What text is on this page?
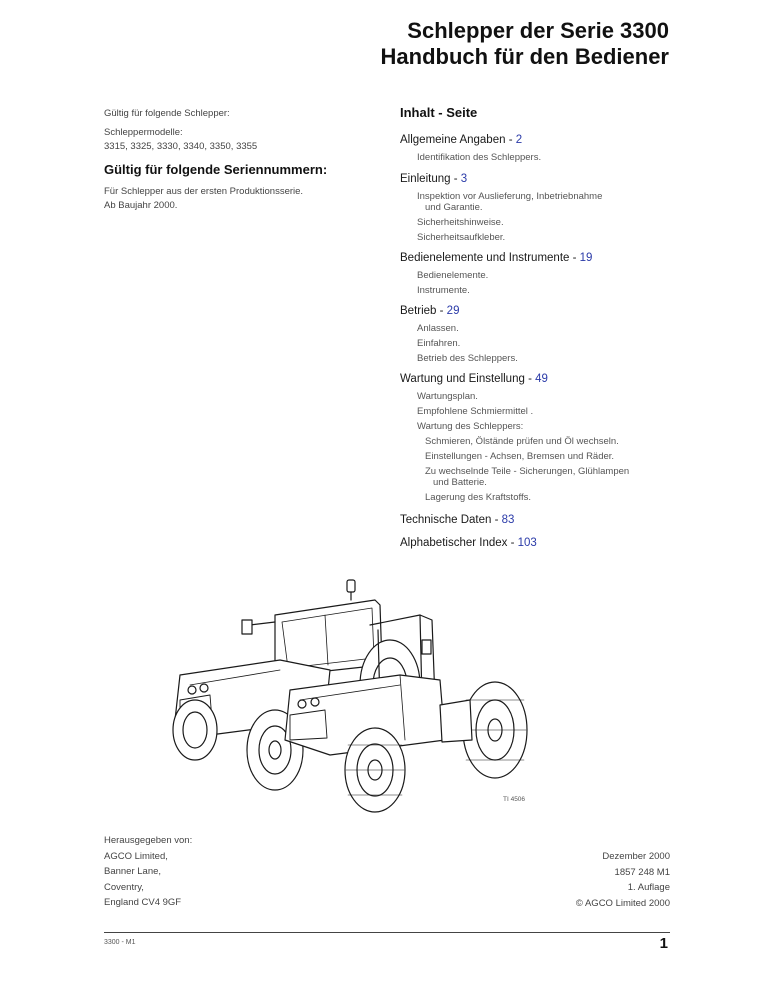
Schlepper der Serie 3300
Handbuch für den Bediener
Gültig für folgende Schlepper:
Schleppermodelle:
3315, 3325, 3330, 3340, 3350, 3355
Gültig für folgende Seriennummern:
Für Schlepper aus der ersten Produktionsserie.
Ab Baujahr 2000.
Inhalt - Seite
Allgemeine Angaben - 2
Identifikation des Schleppers.
Einleitung - 3
Inspektion vor Auslieferung, Inbetriebnahme
und Garantie.
Sicherheitshinweise.
Sicherheitsaufkleber.
Bedienelemente und Instrumente - 19
Bedienelemente.
Instrumente.
Betrieb - 29
Anlassen.
Einfahren.
Betrieb des Schleppers.
Wartung und Einstellung - 49
Wartungsplan.
Empfohlene Schmiermittel .
Wartung des Schleppers:
Schmieren, Ölstände prüfen und Öl wechseln.
Einstellungen - Achsen, Bremsen und Räder.
Zu wechselnde Teile - Sicherungen, Glühlampen
und Batterie.
Lagerung des Kraftstoffs.
Technische Daten - 83
Alphabetischer Index - 103
TI 4506
Herausgegeben von:
AGCO Limited,
Banner Lane,
Coventry,
England CV4 9GF
Dezember 2000
1857 248 M1
1. Auflage
© AGCO Limited 2000
3300 - M1	1
